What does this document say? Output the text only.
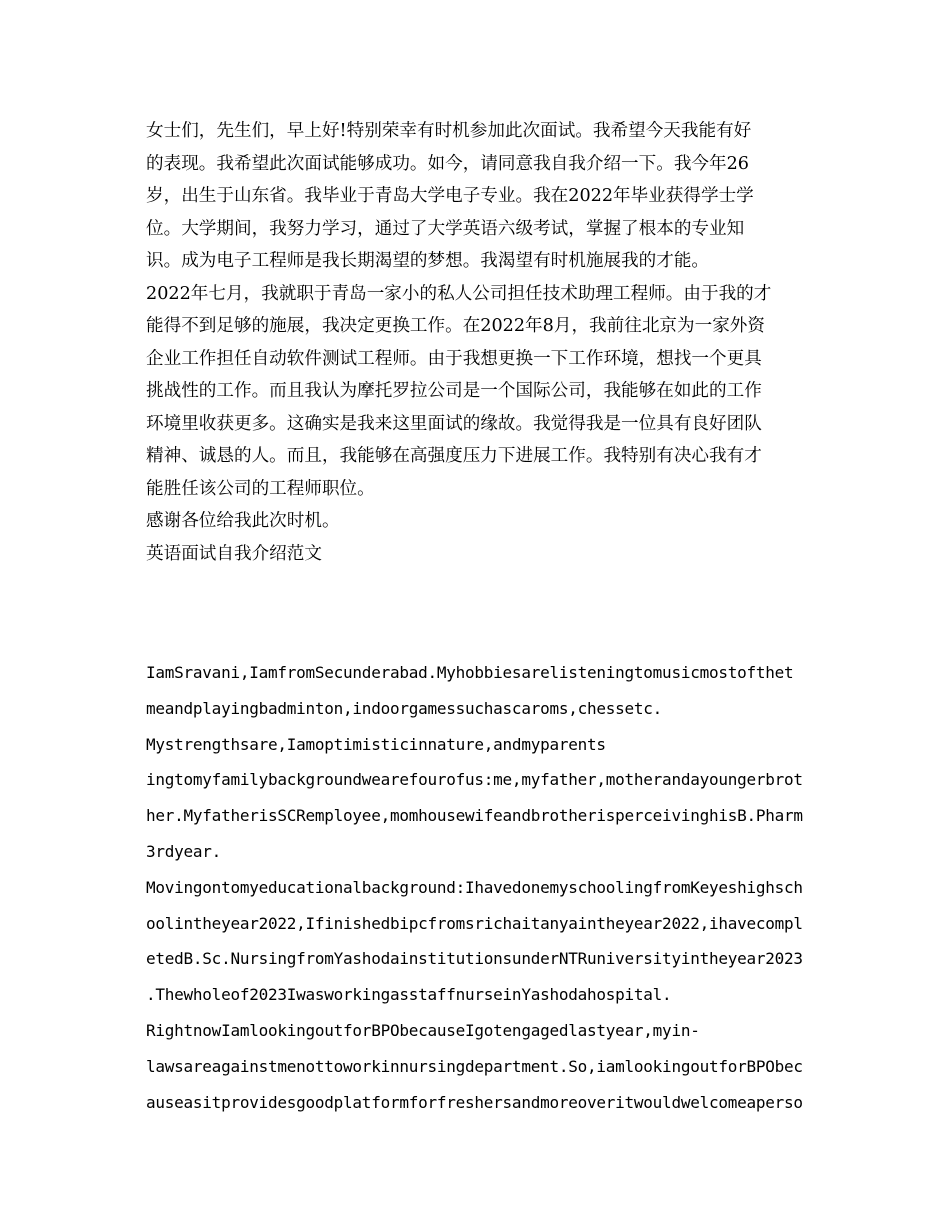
女士们，先生们，早上好!特别荣幸有时机参加此次面试。我希望今天我能有好
的表现。我希望此次面试能够成功。如今，请同意我自我介绍一下。我今年26
岁，出生于山东省。我毕业于青岛大学电子专业。我在2022年毕业获得学士学
位。大学期间，我努力学习，通过了大学英语六级考试，掌握了根本的专业知
识。成为电子工程师是我长期渴望的梦想。我渴望有时机施展我的才能。
2022年七月，我就职于青岛一家小的私人公司担任技术助理工程师。由于我的才
能得不到足够的施展，我决定更换工作。在2022年8月，我前往北京为一家外资
企业工作担任自动软件测试工程师。由于我想更换一下工作环境，想找一个更具
挑战性的工作。而且我认为摩托罗拉公司是一个国际公司，我能够在如此的工作
环境里收获更多。这确实是我来这里面试的缘故。我觉得我是一位具有良好团队
精神、诚恳的人。而且，我能够在高强度压力下进展工作。我特别有决心我有才
能胜任该公司的工程师职位。
感谢各位给我此次时机。
英语面试自我介绍范文
IamSravani,IamfromSecunderabad.Myhobbiesarelisteningtomusicmostofthet
meandplayingbadminton,indoorgamessuchascaroms,chessetc.
Mystrengthsare,Iamoptimisticinnature,andmyparents
ingtomyfamilybackgroundwearefourofus:me,myfather,motherandayoungerbrot
her.MyfatherisSCRemployee,momhousewifeandbrotherisperceivinghisB.Pharm
3rdyear.
Movingontomyeducationalbackground:IhavedonemyschoolingfromKeyeshighsch
oolintheyear2022,Ifinishedbipcfromsrichaitanyaintheyear2022,ihavecompl
etedB.Sc.NursingfromYashodainstitutionsunderNTRuniversityintheyear2023
.Thewholeof2023IwasworkingasstaffnurseinYashodahospital.
RightnowIamlookingoutforBPObecauseIgotengagedlastyear,myin-
lawsareagainstmenottoworkinnursingdepartment.So,iamlookingoutforBPObec
auseasitprovidesgoodplatformforfreshersandmoreoveritwouldwelcomeaperso
